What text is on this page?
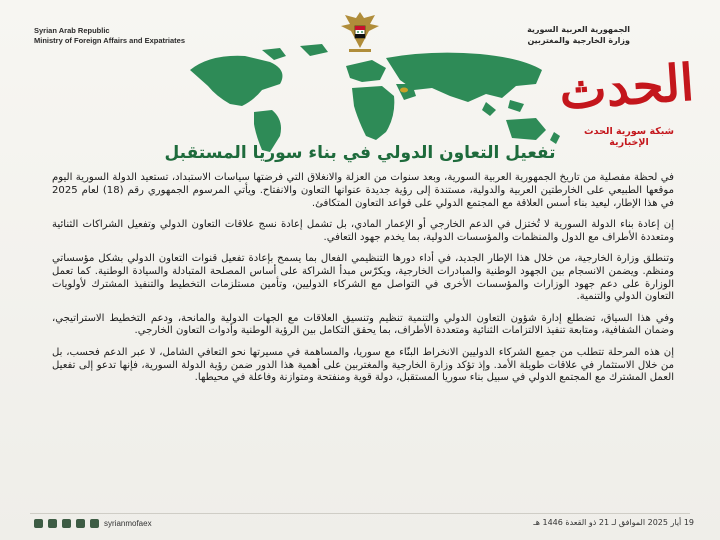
Syrian Arab Republic
Ministry of Foreign Affairs and Expatriates
الجمهورية العربية السورية
وزارة الخارجية والمغتربين
الحدث
شبكة سورية الحدث الإخبارية
تفعيل التعاون الدولي في بناء سوريا المستقبل

في لحظة مفصلية من تاريخ الجمهورية العربية السورية، وبعد سنوات من العزلة والانغلاق التي فرضتها سياسات الاستبداد، تستعيد الدولة السورية اليوم موقعها الطبيعي على الخارطتين العربية والدولية، مستندة إلى رؤية جديدة عنوانها التعاون والانفتاح. ويأتي المرسوم الجمهوري رقم (18) لعام 2025 في هذا الإطار، ليعيد بناء أسس العلاقة مع المجتمع الدولي على قواعد التعاون المتكافئ.

إن إعادة بناء الدولة السورية لا تُختزل في الدعم الخارجي أو الإعمار المادي، بل تشمل إعادة نسج علاقات التعاون الدولي وتفعيل الشراكات الثنائية ومتعددة الأطراف مع الدول والمنظمات والمؤسسات الدولية، بما يخدم جهود التعافي.

وتنطلق وزارة الخارجية، من خلال هذا الإطار الجديد، في أداء دورها التنظيمي الفعال بما يسمح بإعادة تفعيل قنوات التعاون الدولي بشكل مؤسساتي ومنظم. ويضمن الانسجام بين الجهود الوطنية والمبادرات الخارجية، ويكرّس مبدأ الشراكة على أساس المصلحة المتبادلة والسيادة الوطنية. كما تعمل الوزارة على دعم جهود الوزارات والمؤسسات الأخرى في التواصل مع الشركاء الدوليين، وتأمين مستلزمات التخطيط والتنفيذ المشترك لأولويات التعاون الدولي والتنمية.

وفي هذا السياق، تضطلع إدارة شؤون التعاون الدولي والتنمية تنظيم وتنسيق العلاقات مع الجهات الدولية والمانحة، ودعم التخطيط الاستراتيجي، وضمان الشفافية، ومتابعة تنفيذ الالتزامات الثنائية ومتعددة الأطراف، بما يحقق التكامل بين الرؤية الوطنية وأدوات التعاون الخارجي.

إن هذه المرحلة تتطلب من جميع الشركاء الدوليين الانخراط البنّاء مع سوريا، والمساهمة في مسيرتها نحو التعافي الشامل، لا عبر الدعم فحسب، بل من خلال الاستثمار في علاقات طويلة الأمد. وإذ تؤكد وزارة الخارجية والمغتربين على أهمية هذا الدور ضمن رؤية الدولة السورية، فإنها تدعو إلى تفعيل العمل المشترك مع المجتمع الدولي في سبيل بناء سوريا المستقبل، دولة قوية ومنفتحة ومتوازنة وفاعلة في محيطها.

syrianmofaex	19 أيار 2025 الموافق لـ 21 ذو القعدة 1446 هـ
